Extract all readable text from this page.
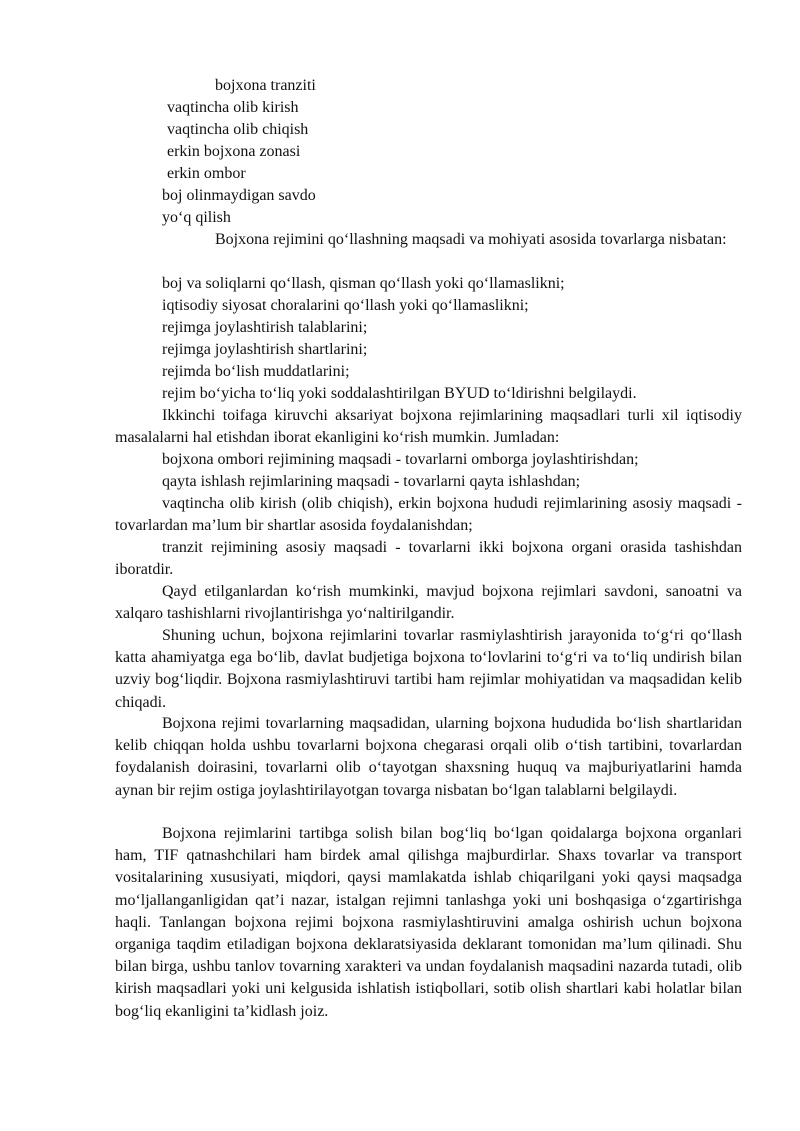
bojxona tranziti
vaqtincha olib kirish
vaqtincha olib chiqish
erkin bojxona zonasi
erkin ombor
boj olinmaydigan savdo
yo‘q qilish
Bojxona rejimini qo‘llashning maqsadi va mohiyati asosida tovarlarga nisbatan:
boj va soliqlarni qo‘llash, qisman qo‘llash yoki qo‘llamaslikni;
iqtisodiy siyosat choralarini qo‘llash yoki qo‘llamaslikni;
rejimga joylashtirish talablarini;
rejimga joylashtirish shartlarini;
rejimda bo‘lish muddatlarini;
rejim bo‘yicha to‘liq yoki soddalashtirilgan BYUD to‘ldirishni belgilaydi.
Ikkinchi toifaga kiruvchi aksariyat bojxona rejimlarining maqsadlari turli xil iqtisodiy masalalarni hal etishdan iborat ekanligini ko‘rish mumkin. Jumladan:
bojxona ombori rejimining maqsadi - tovarlarni omborga joylashtirishdan;
qayta ishlash rejimlarining maqsadi - tovarlarni qayta ishlashdan;
vaqtincha olib kirish (olib chiqish), erkin bojxona hududi rejimlarining asosiy maqsadi - tovarlardan ma’lum bir shartlar asosida foydalanishdan;
tranzit rejimining asosiy maqsadi - tovarlarni ikki bojxona organi orasida tashishdan iboratdir.
Qayd etilganlardan ko‘rish mumkinki, mavjud bojxona rejimlari savdoni, sanoatni va xalqaro tashishlarni rivojlantirishga yo‘naltirilgandir.
Shuning uchun, bojxona rejimlarini tovarlar rasmiylashtirish jarayonida to‘g‘ri qo‘llash katta ahamiyatga ega bo‘lib, davlat budjetiga bojxona to‘lovlarini to‘g‘ri va to‘liq undirish bilan uzviy bog‘liqdir. Bojxona rasmiylashtiruvi tartibi ham rejimlar mohiyatidan va maqsadidan kelib chiqadi.
Bojxona rejimi tovarlarning maqsadidan, ularning bojxona hududida bo‘lish shartlaridan kelib chiqqan holda ushbu tovarlarni bojxona chegarasi orqali olib o‘tish tartibini, tovarlardan foydalanish doirasini, tovarlarni olib o‘tayotgan shaxsning huquq va majburiyatlarini hamda aynan bir rejim ostiga joylashtirilayotgan tovarga nisbatan bo‘lgan talablarni belgilaydi.
Bojxona rejimlarini tartibga solish bilan bog‘liq bo‘lgan qoidalarga bojxona organlari ham, TIF qatnashchilari ham birdek amal qilishga majburdirlar. Shaxs tovarlar va transport vositalarining xususiyati, miqdori, qaysi mamlakatda ishlab chiqarilgani yoki qaysi maqsadga mo‘ljallanganligidan qat’i nazar, istalgan rejimni tanlashga yoki uni boshqasiga o‘zgartirishga haqli. Tanlangan bojxona rejimi bojxona rasmiylashtiruvini amalga oshirish uchun bojxona organiga taqdim etiladigan bojxona deklaratsiyasida deklarant tomonidan ma’lum qilinadi. Shu bilan birga, ushbu tanlov tovarning xarakteri va undan foydalanish maqsadini nazarda tutadi, olib kirish maqsadlari yoki uni kelgusida ishlatish istiqbollari, sotib olish shartlari kabi holatlar bilan bog‘liq ekanligini ta’kidlash joiz.
